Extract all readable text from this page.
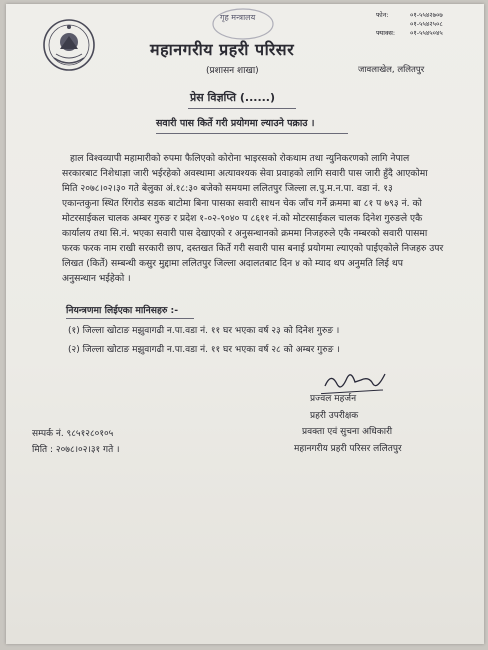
गृह मन्त्रालय	फोन:	०१-५५४२७०७
०१-५५४२५०८
फ्याक्स: ०१-५५४५०४५
महानगरीय प्रहरी परिसर
(प्रशासन शाखा)	जावलाखेल, ललितपुर
प्रेस विज्ञप्ति (......)
सवारी पास किर्ते गरी प्रयोगमा ल्याउने पक्राउ ।
हाल विश्वव्यापी महामारीको रुपमा फैलिएको कोरोना भाइरसको रोकथाम तथा न्युनिकरणको लागि नेपाल
सरकारबाट निशेधाज्ञा जारी भईरहेको अवस्थामा अत्यावश्यक सेवा प्रवाहको लागि सवारी पास जारी हुँदै आएकोमा
मिति २०७८।०२।३० गते बेलुका अं.१८:३० बजेको समयमा ललितपुर जिल्ला ल.पु.म.न.पा. वडा नं. १३
एकान्तकुना स्थित रिंगरोड सडक बाटोमा बिना पासका सवारी साधन चेक जाँच गर्ने क्रममा बा ८१ प ७९३ नं. को
मोटरसाईकल चालक अम्बर गुरुङ र प्रदेश १-०२-९०४० प ८६११ नं.को मोटरसाईकल चालक दिनेश गुरुङले एकै
कार्यालय तथा सि.नं. भएका सवारी पास देखाएको र अनुसन्धानको क्रममा निजहरुले एकै नम्बरको सवारी पासमा
फरक फरक नाम राखी सरकारी छाप, दस्तखत किर्ते गरी सवारी पास बनाई प्रयोगमा ल्याएको पाईएकोले निजहरु उपर
लिखत (किर्ते) सम्बन्धी कसुर मुद्दामा ललितपुर जिल्ला अदालतबाट दिन ४ को म्याद थप अनुमति लिई थप
अनुसन्धान भईहेको ।
नियन्त्रणमा लिईएका मानिसहरु :-
(१) जिल्ला खोटाङ मझुवागढी न.पा.वडा नं. ११ घर भएका वर्ष २३ को दिनेश गुरुङ ।
(२) जिल्ला खोटाङ मझुवागढी न.पा.वडा नं. ११ घर भएका वर्ष २८ को अम्बर गुरुङ ।
प्रज्वल महर्जन
प्रहरी उपरीक्षक
प्रवक्ता एवं सुचना अधिकारी
महानगरीय प्रहरी परिसर ललितपुर
सम्पर्क नं. ९८५१२८०१०५
मिति : २०७८।०२।३१ गते ।
